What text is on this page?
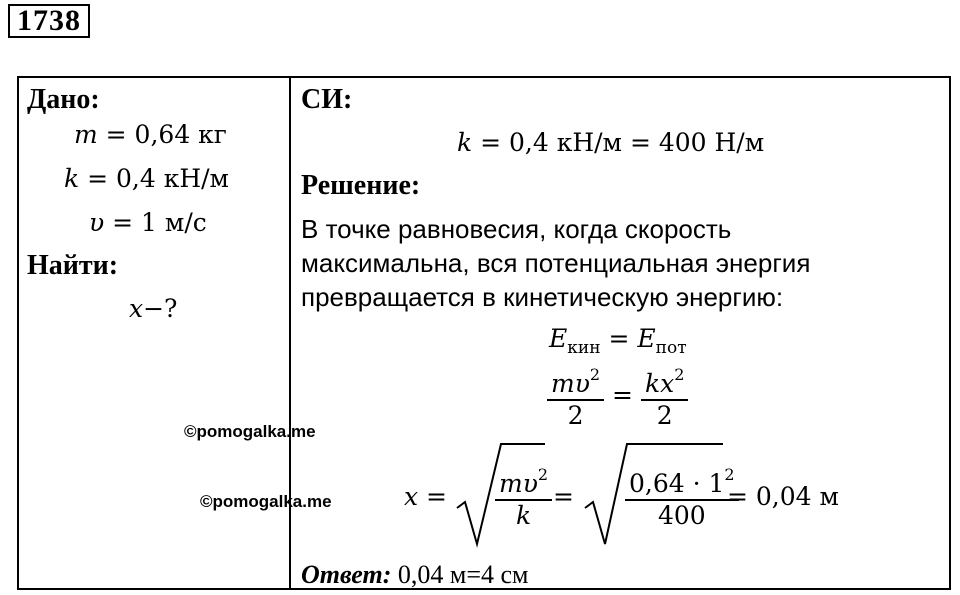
1738
Дано:
m = 0,64 кг
k = 0,4 кН/м
υ = 1 м/с
Найти:
x−?
СИ:
k = 0,4 кН/м = 400 Н/м
Решение:
В точке равновесия, когда скорость
максимальна, вся потенциальная энергия
превращается в кинетическую энергию:
$E_{кин} = E_{пот}$
$\frac{m\upsilon^2}{2} = \frac{kx^2}{2}$
$x = \frac{m\upsilon^2}{k} = \frac{0,64 \cdot 1^2}{400}$
= 0,04 м
Ответ: 0,04 м=4 см
©pomogalka.me
©pomogalka.me
